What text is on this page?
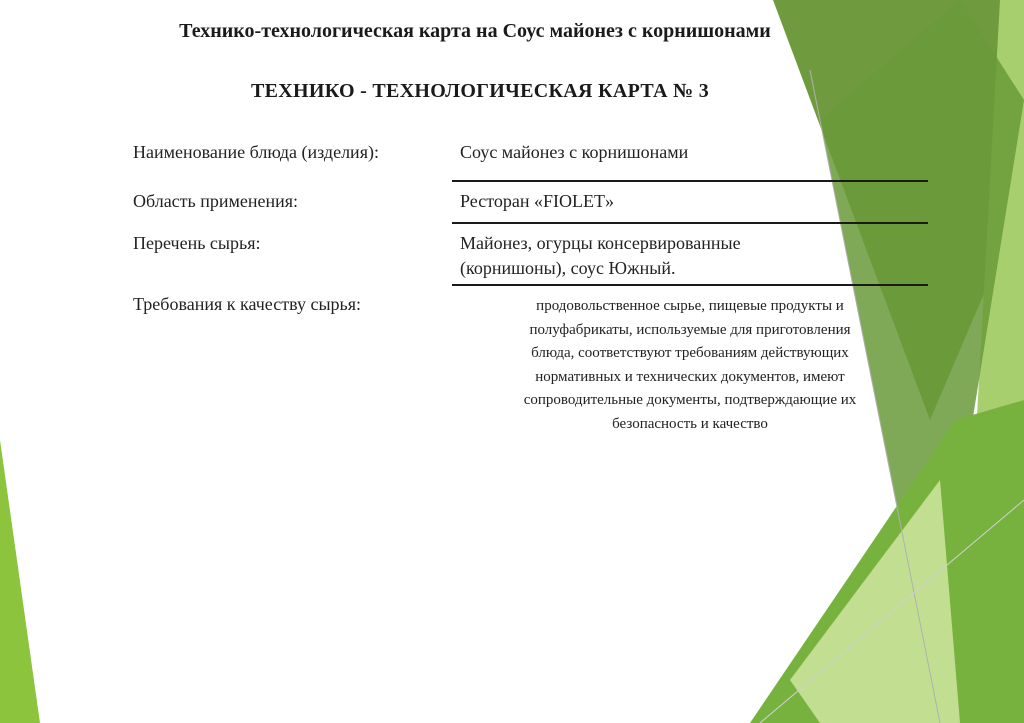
Технико-технологическая карта на Соус майонез с корнишонами
ТЕХНИКО - ТЕХНОЛОГИЧЕСКАЯ КАРТА № 3
Наименование блюда (изделия):	Соус майонез с корнишонами
Область применения:	Ресторан «FIOLET»
Перечень сырья:	Майонез, огурцы консервированные
(корнишоны), соус Южный.
Требования к качеству сырья:	продовольственное сырье, пищевые продукты и
полуфабрикаты, используемые для приготовления
блюда, соответствуют требованиям действующих
нормативных и технических документов, имеют
сопроводительные документы, подтверждающие их
безопасность и качество
